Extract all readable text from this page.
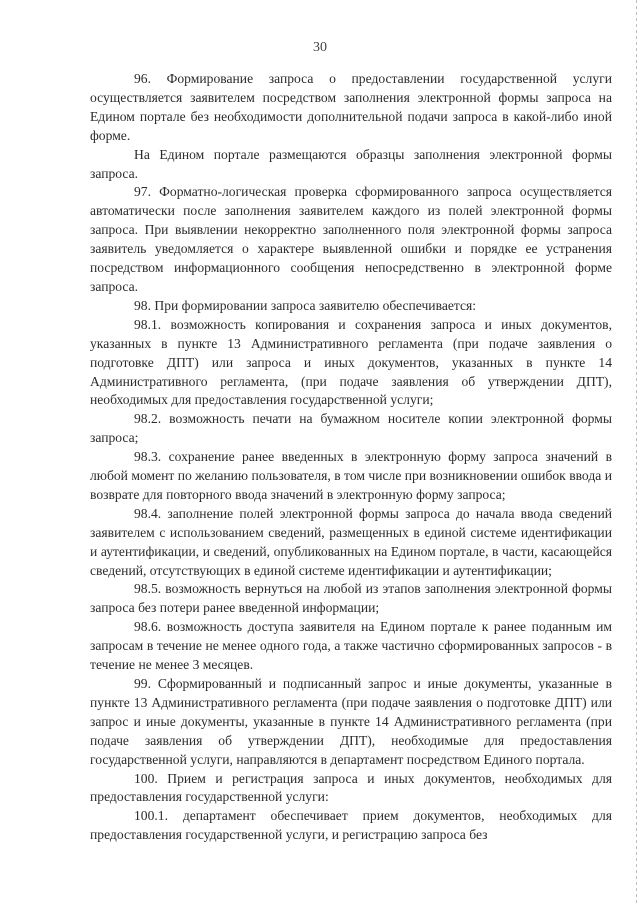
30

96. Формирование запроса о предоставлении государственной услуги осуществляется заявителем посредством заполнения электронной формы запроса на Едином портале без необходимости дополнительной подачи запроса в какой-либо иной форме.

На Едином портале размещаются образцы заполнения электронной формы запроса.

97. Форматно-логическая проверка сформированного запроса осуществляется автоматически после заполнения заявителем каждого из полей электронной формы запроса. При выявлении некорректно заполненного поля электронной формы запроса заявитель уведомляется о характере выявленной ошибки и порядке ее устранения посредством информационного сообщения непосредственно в электронной форме запроса.

98. При формировании запроса заявителю обеспечивается:

98.1. возможность копирования и сохранения запроса и иных документов, указанных в пункте 13 Административного регламента (при подаче заявления о подготовке ДПТ) или запроса и иных документов, указанных в пункте 14 Административного регламента, (при подаче заявления об утверждении ДПТ), необходимых для предоставления государственной услуги;

98.2. возможность печати на бумажном носителе копии электронной формы запроса;

98.3. сохранение ранее введенных в электронную форму запроса значений в любой момент по желанию пользователя, в том числе при возникновении ошибок ввода и возврате для повторного ввода значений в электронную форму запроса;

98.4. заполнение полей электронной формы запроса до начала ввода сведений заявителем с использованием сведений, размещенных в единой системе идентификации и аутентификации, и сведений, опубликованных на Едином портале, в части, касающейся сведений, отсутствующих в единой системе идентификации и аутентификации;

98.5. возможность вернуться на любой из этапов заполнения электронной формы запроса без потери ранее введенной информации;

98.6. возможность доступа заявителя на Едином портале к ранее поданным им запросам в течение не менее одного года, а также частично сформированных запросов - в течение не менее 3 месяцев.

99. Сформированный и подписанный запрос и иные документы, указанные в пункте 13 Административного регламента (при подаче заявления о подготовке ДПТ) или запрос и иные документы, указанные в пункте 14 Административного регламента (при подаче заявления об утверждении ДПТ), необходимые для предоставления государственной услуги, направляются в департамент посредством Единого портала.

100. Прием и регистрация запроса и иных документов, необходимых для предоставления государственной услуги:

100.1. департамент обеспечивает прием документов, необходимых для предоставления государственной услуги, и регистрацию запроса без
